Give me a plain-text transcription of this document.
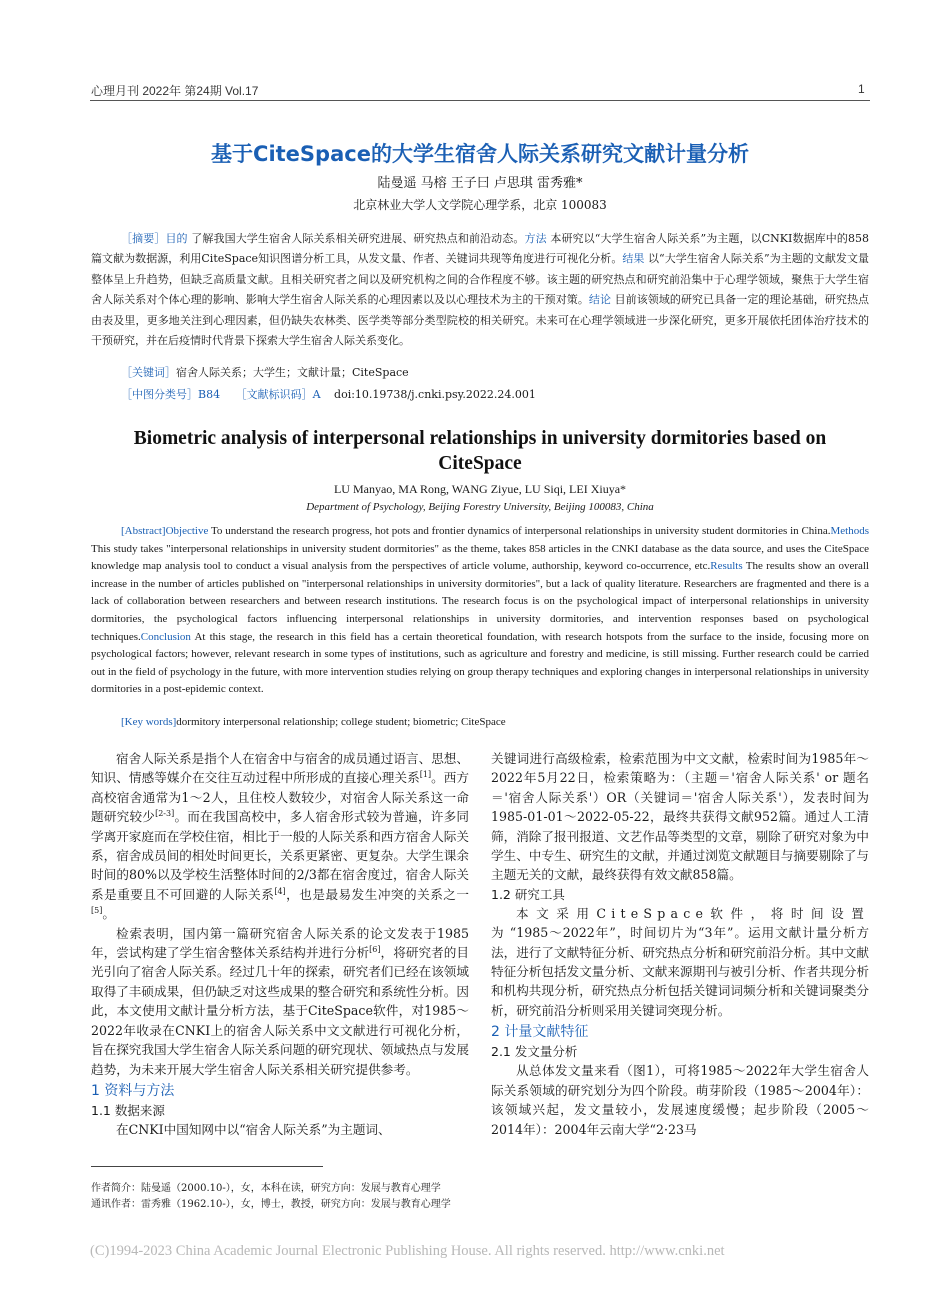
心理月刊 2022年 第24期 Vol.17	1
基于CiteSpace的大学生宿舍人际关系研究文献计量分析
陆曼遥 马榕 王子曰 卢思琪 雷秀雅*
北京林业大学人文学院心理学系，北京 100083

［摘要］目的 了解我国大学生宿舍人际关系相关研究进展、研究热点和前沿动态。方法 本研究以“大学生宿舍人际关系”为主题，以CNKI数据库中的858篇文献为数据源，利用CiteSpace知识图谱分析工具，从发文量、作者、关键词共现等角度进行可视化分析。结果 以“大学生宿舍人际关系”为主题的文献发文量整体呈上升趋势，但缺乏高质量文献。且相关研究者之间以及研究机构之间的合作程度不够。该主题的研究热点和研究前沿集中于心理学领域，聚焦于大学生宿舍人际关系对个体心理的影响、影响大学生宿舍人际关系的心理因素以及以心理技术为主的干预对策。结论 目前该领域的研究已具备一定的理论基础，研究热点由表及里，更多地关注到心理因素，但仍缺失农林类、医学类等部分类型院校的相关研究。未来可在心理学领域进一步深化研究，更多开展依托团体治疗技术的干预研究，并在后疫情时代背景下探索大学生宿舍人际关系变化。

［关键词］宿舍人际关系；大学生；文献计量；CiteSpace
［中图分类号］B84 ［文献标识码］A doi:10.19738/j.cnki.psy.2022.24.001
Biometric analysis of interpersonal relationships in university dormitories based on CiteSpace
LU Manyao, MA Rong, WANG Ziyue, LU Siqi, LEI Xiuya*
Department of Psychology, Beijing Forestry University, Beijing 100083, China

[Abstract]Objective To understand the research progress, hot pots and frontier dynamics of interpersonal relationships in university student dormitories in China.Methods This study takes "interpersonal relationships in university student dormitories" as the theme, takes 858 articles in the CNKI database as the data source, and uses the CiteSpace knowledge map analysis tool to conduct a visual analysis from the perspectives of article volume, authorship, keyword co-occurrence, etc.Results The results show an overall increase in the number of articles published on "interpersonal relationships in university dormitories", but a lack of quality literature. Researchers are fragmented and there is a lack of collaboration between researchers and between research institutions. The research focus is on the psychological impact of interpersonal relationships in university dormitories, the psychological factors influencing interpersonal relationships in university dormitories, and intervention responses based on psychological techniques.Conclusion At this stage, the research in this field has a certain theoretical foundation, with research hotspots from the surface to the inside, focusing more on psychological factors; however, relevant research in some types of institutions, such as agriculture and forestry and medicine, is still missing. Further research could be carried out in the field of psychology in the future, with more intervention studies relying on group therapy techniques and exploring changes in interpersonal relationships in university dormitories in a post-epidemic context.

[Key words]dormitory interpersonal relationship; college student; biometric; CiteSpace

宿舍人际关系是指个人在宿舍中与宿舍的成员通过语言、思想、知识、情感等媒介在交往互动过程中所形成的直接心理关系[1]。西方高校宿舍通常为1～2人，且住校人数较少，对宿舍人际关系这一命题研究较少[2-3]。而在我国高校中，多人宿舍形式较为普遍，许多同学离开家庭而在学校住宿，相比于一般的人际关系和西方宿舍人际关系，宿舍成员间的相处时间更长，关系更紧密、更复杂。大学生课余时间的80%以及学校生活整体时间的2/3都在宿舍度过，宿舍人际关系是重要且不可回避的人际关系[4]，也是最易发生冲突的关系之一[5]。

检索表明，国内第一篇研究宿舍人际关系的论文发表于1985年，尝试构建了学生宿舍整体关系结构并进行分析[6]，将研究者的目光引向了宿舍人际关系。经过几十年的探索，研究者们已经在该领域取得了丰硕成果，但仍缺乏对这些成果的整合研究和系统性分析。因此，本文使用文献计量分析方法，基于CiteSpace软件，对1985～2022年收录在CNKI上的宿舍人际关系中文文献进行可视化分析，旨在探究我国大学生宿舍人际关系问题的研究现状、领域热点与发展趋势，为未来开展大学生宿舍人际关系相关研究提供参考。

1 资料与方法
1.1 数据来源

在CNKI中国知网中以“宿舍人际关系”为主题词、

关键词进行高级检索，检索范围为中文文献，检索时间为1985年～2022年5月22日，检索策略为：（主题＝'宿舍人际关系' or 题名＝'宿舍人际关系'）OR（关键词＝'宿舍人际关系'），发表时间为1985-01-01～2022-05-22，最终共获得文献952篇。通过人工清筛，消除了报刊报道、文艺作品等类型的文章，剔除了研究对象为中学生、中专生、研究生的文献，并通过浏览文献题目与摘要剔除了与主题无关的文献，最终获得有效文献858篇。

1.2 研究工具

本文采用CiteSpace软件，将时间设置为“1985～2022年”，时间切片为“3年”。运用文献计量分析方法，进行了文献特征分析、研究热点分析和研究前沿分析。其中文献特征分析包括发文量分析、文献来源期刊与被引分析、作者共现分析和机构共现分析，研究热点分析包括关键词词频分析和关键词聚类分析，研究前沿分析则采用关键词突现分析。

2 计量文献特征
2.1 发文量分析

从总体发文量来看（图1），可将1985～2022年大学生宿舍人际关系领域的研究划分为四个阶段。萌芽阶段（1985～2004年）：该领域兴起，发文量较小，发展速度缓慢；起步阶段（2005～2014年）：2004年云南大学“2·23马

作者简介：陆曼遥（2000.10-），女，本科在读，研究方向：发展与教育心理学
通讯作者：雷秀雅（1962.10-），女，博士，教授，研究方向：发展与教育心理学
(C)1994-2023 China Academic Journal Electronic Publishing House. All rights reserved. http://www.cnki.net
